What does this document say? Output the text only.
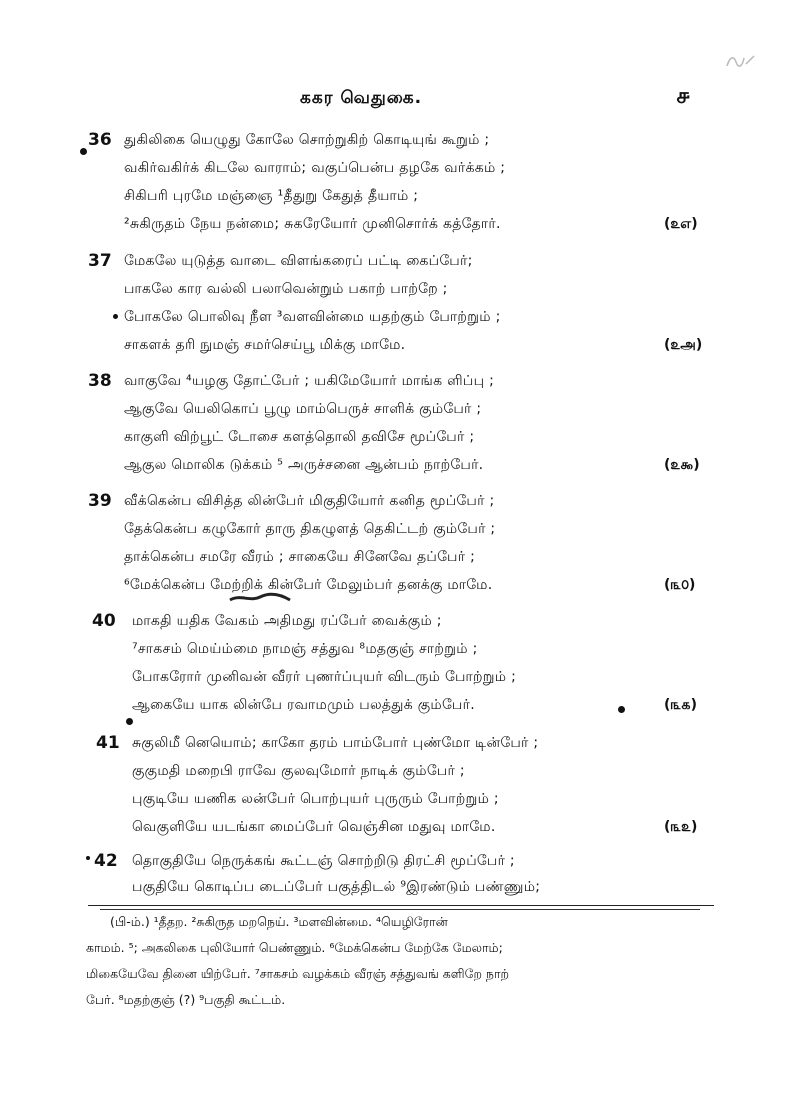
ககர வெதுகை.	௪
36 துகிலிகை யெழுது கோலே சொற்றுகிற் கொடியுங் கூறும் ;
வகிர்வகிர்க் கிடலே வாராம்; வகுப்பென்ப தழகே வர்க்கம் ;
சிகிபரி புரமே மஞ்ஞை ¹தீதுறு கேதுத் தீயாம் ;
²சுகிருதம் நேய நன்மை; சுகரேயோர் முனிசொர்க் கத்தோர்.	(௨எ)
37 மேகலே யுடுத்த வாடை விளங்கரைப் பட்டி கைப்பேர்;
பாகலே கார வல்லி பலாவென்றும் பகாற் பாற்றே ;
போகலே பொலிவு நீள ³வளவின்மை யதற்கும் போற்றும் ;
சாகளக் தரி நுமஞ் சமர்செய்பூ மிக்கு மாமே.	(௨அ)
38 வாகுவே ⁴யழகு தோட்பேர் ; யகிமேயோர் மாங்க ளிப்பு ;
ஆகுவே யெலிகொப் பூழு மாம்பெருச் சாளிக் கும்பேர் ;
காகுளி விற்பூட் டோசை களத்தொலி தவிசே மூப்பேர் ;
ஆகுல மொலிக டுக்கம் ⁵ அருச்சனை ஆன்பம் நாற்பேர்.	(௨௯)
39 வீக்கென்ப விசித்த லின்பேர் மிகுதியோர் கனித மூப்பேர் ;
தேக்கென்ப கழுகோர் தாரு திகழுளத் தெகிட்டற் கும்பேர் ;
தாக்கென்ப சமரே வீரம் ; சாகையே சினேவே தப்பேர் ;
⁶மேக்கென்ப மேற்றிக் கின்பேர் மேலும்பர் தனக்கு மாமே.	(௩௦)
40 மாகதி யதிக வேகம் அதிமது ரப்பேர் வைக்கும் ;
⁷சாகசம் மெய்ம்மை நாமஞ் சத்துவ ⁸மதகுஞ் சாற்றும் ;
போகரோர் முனிவன் வீரர் புணர்ப்புயர் விடரும் போற்றும் ;
ஆகையே யாக லின்பே ரவாமமும் பலத்துக் கும்பேர்.	(௩௧)
41 சுகுலிமீ னெயொம்; காகோ தரம் பாம்போர் புண்மோ டின்பேர் ;
குகுமதி மறைபி ராவே குலவுமோர் நாடிக் கும்பேர் ;
புகுடியே யணிக லன்பேர் பொற்புயர் புருரும் போற்றும் ;
வெகுளியே யடங்கா மைப்பேர் வெஞ்சின மதுவு மாமே.	(௩௨)
42 தொகுதியே நெருக்கங் கூட்டஞ் சொற்றிடு திரட்சி மூப்பேர் ;
பகுதியே கொடிப்ப டைப்பேர் பகுத்திடல் ⁹இரண்டும் பண்ணும்;
(பி-ம்.) ¹தீதற. ²சுகிருத மறநெய். ³மளவின்மை. ⁴யெழிரோன்
காமம். ⁵; அகலிகை புலியோர் பெண்ணும். ⁶மேக்கென்ப மேற்கே மேலாம்;
மிகையேவே தினை யிற்பேர். ⁷சாகசம் வழக்கம் வீரஞ் சத்துவங் களிறே நாற்
பேர். ⁸மதற்குஞ் (?) ⁹பகுதி கூட்டம்.
